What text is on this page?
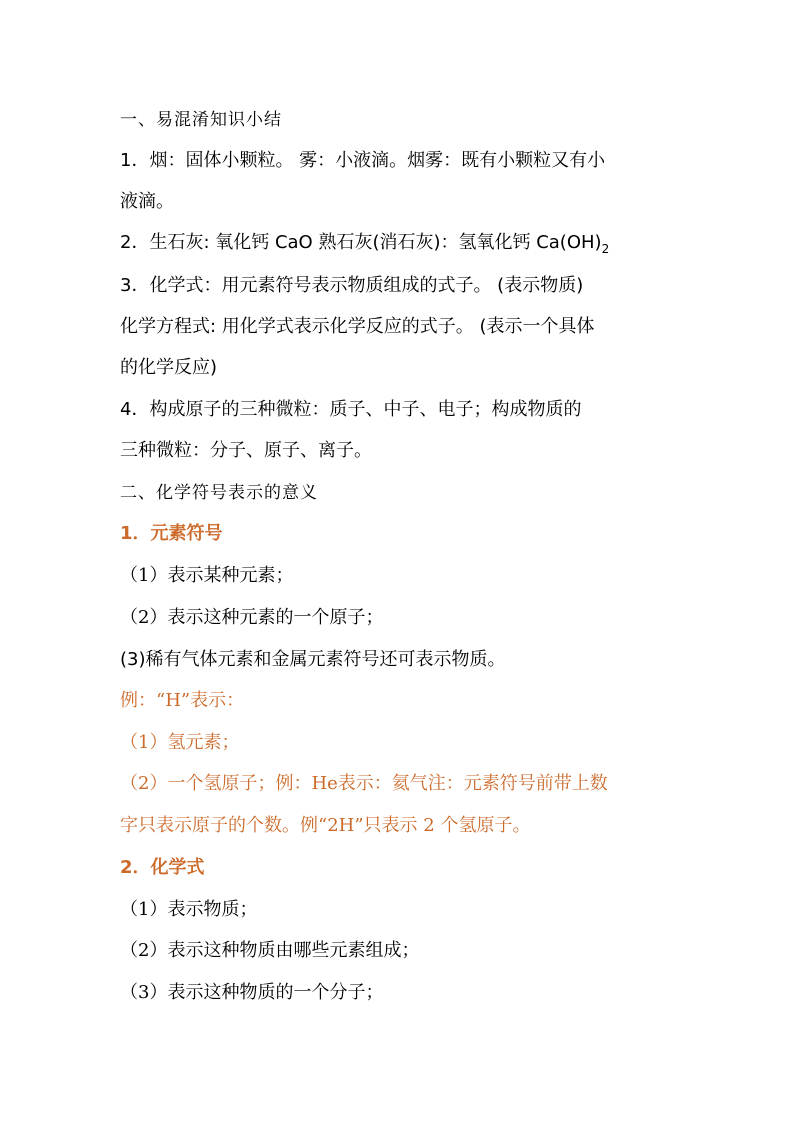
一、易混淆知识小结
1．烟：固体小颗粒。 雾：小液滴。烟雾：既有小颗粒又有小
液滴。
2．生石灰: 氧化钙 CaO 熟石灰(消石灰)：氢氧化钙 $Ca(OH)_2$
3．化学式：用元素符号表示物质组成的式子。 (表示物质)
化学方程式: 用化学式表示化学反应的式子。 (表示一个具体
的化学反应)
4．构成原子的三种微粒：质子、中子、电子；构成物质的
三种微粒：分子、原子、离子。
二、化学符号表示的意义
1．元素符号
（1）表示某种元素；
（2）表示这种元素的一个原子；
(3)稀有气体元素和金属元素符号还可表示物质。
例：“H”表示：
（1）氢元素；
（2）一个氢原子；例：He表示：氦气注：元素符号前带上数
字只表示原子的个数。例“2H”只表示 2 个氢原子。
2．化学式
（1）表示物质；
（2）表示这种物质由哪些元素组成；
（3）表示这种物质的一个分子；
